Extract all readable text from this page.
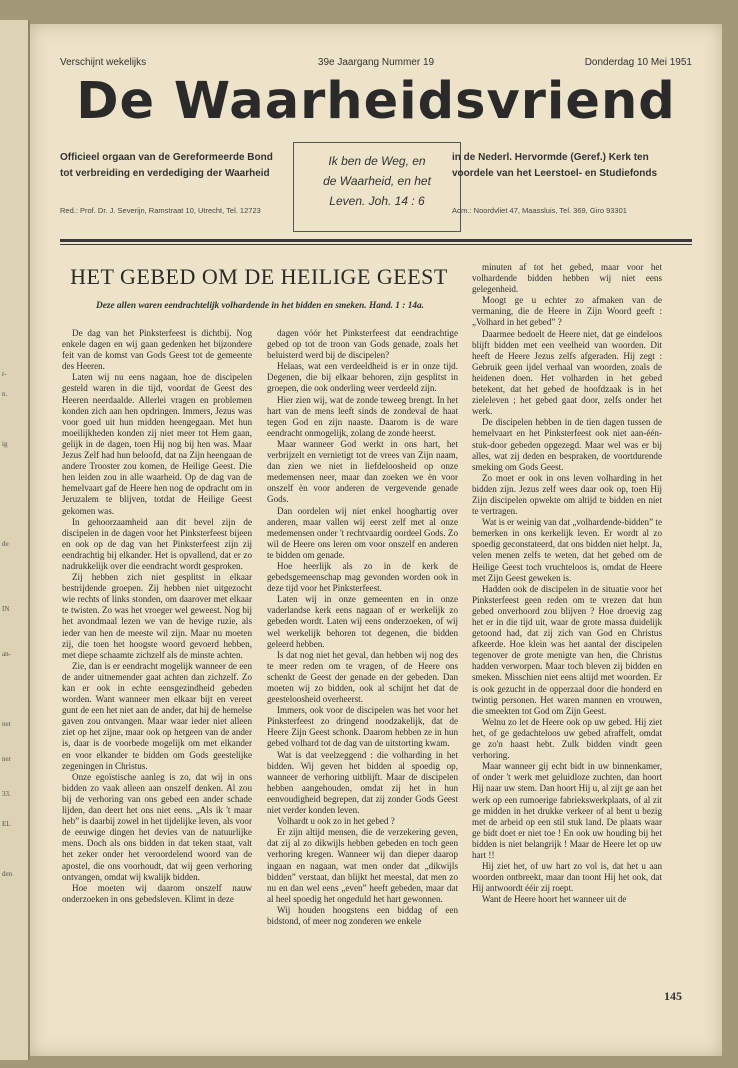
r-
n.
ig
de
IN
an-
net
ner
33.
EL
den
Verschijnt wekelijks	39e Jaargang Nummer 19	Donderdag 10 Mei 1951
De Waarheidsvriend
Officieel orgaan van de Gereformeerde Bond
tot verbreiding en verdediging der Waarheid
Ik ben de Weg, en
de Waarheid, en het
Leven. Joh. 14 : 6
in de Nederl. Hervormde (Geref.) Kerk ten
voordele van het Leerstoel- en Studiefonds
Red.: Prof. Dr. J. Severijn, Ramstraat 10, Utrecht, Tel. 12723	Adm.: Noordvliet 47, Maassluis, Tel. 369, Giro 93301
HET GEBED OM DE HEILIGE GEEST
Deze allen waren eendrachtelijk volhardende in het bidden en smeken. Hand. 1 : 14a.

De dag van het Pinksterfeest is dichtbij. Nog enkele dagen en wij gaan gedenken het bijzondere feit van de komst van Gods Geest tot de gemeente des Heeren.

Laten wij nu eens nagaan, hoe de discipelen gesteld waren in die tijd, voordat de Geest des Heeren neerdaalde. Allerlei vragen en problemen konden zich aan hen opdringen. Immers, Jezus was voor goed uit hun midden heengegaan. Met hun moeilijkheden konden zij niet meer tot Hem gaan, gelijk in de dagen, toen Hij nog bij hen was. Maar Jezus Zelf had hun beloofd, dat na Zijn heengaan de andere Trooster zou komen, de Heilige Geest. Die hen leiden zou in alle waarheid. Op de dag van de hemelvaart gaf de Heere hen nog de opdracht om in Jeruzalem te blijven, totdat de Heilige Geest gekomen was.

In gehoorzaamheid aan dit bevel zijn de discipelen in de dagen voor het Pinksterfeest bijeen en ook op de dag van het Pinksterfeest zijn zij eendrachtig bij elkander. Het is opvallend, dat er zo nadrukkelijk over die eendracht wordt gesproken.

Zij hebben zich niet gesplitst in elkaar bestrijdende groepen. Zij hebben niet uitgezocht wie rechts of links stonden, om daarover met elkaar te twisten. Zo was het vroeger wel geweest. Nog bij het avondmaal lezen we van de hevige ruzie, als ieder van hen de meeste wil zijn. Maar nu moeten zij, die toen het hoogste woord gevoerd hebben, met diepe schaamte zichzelf als de minste achten.

Zie, dan is er eendracht mogelijk wanneer de een de ander uitnemender gaat achten dan zichzelf. Zo kan er ook in echte eensgezindheid gebeden worden. Want wanneer men elkaar bijt en vereet gunt de een het niet aan de ander, dat hij de hemelse gaven zou ontvangen. Maar waar ieder niet alleen ziet op het zijne, maar ook op hetgeen van de ander is, daar is de voorbede mogelijk om met elkander en voor elkander te bidden om Gods geestelijke zegeningen in Christus.

Onze egoïstische aanleg is zo, dat wij in ons bidden zo vaak alleen aan onszelf denken. Al zou bij de verhoring van ons gebed een ander schade lijden, dan deert het ons niet eens. „Als ik 't maar heb” is daarbij zowel in het tijdelijke leven, als voor de eeuwige dingen het devies van de natuurlijke mens. Doch als ons bidden in dat teken staat, valt het zeker onder het veroordelend woord van de apostel, die ons voorhoudt, dat wij geen verhoring ontvangen, omdat wij kwalijk bidden.

Hoe moeten wij daarom onszelf nauw onderzoeken in ons gebedsleven. Klimt in deze

dagen vóór het Pinksterfeest dat eendrachtige gebed op tot de troon van Gods genade, zoals het beluisterd werd bij de discipelen?

Helaas, wat een verdeeldheid is er in onze tijd. Degenen, die bij elkaar behoren, zijn gesplitst in groepen, die ook onderling weer verdeeld zijn.

Hier zien wij, wat de zonde teweeg brengt. In het hart van de mens leeft sinds de zondeval de haat tegen God en zijn naaste. Daarom is de ware eendracht onmogelijk, zolang de zonde heerst.

Maar wanneer God werkt in ons hart, het verbrijzelt en vernietigt tot de vrees van Zijn naam, dan zien we niet in liefdeloosheid op onze medemensen neer, maar dan zoeken we èn voor onszelf èn voor anderen de vergevende genade Gods.

Dan oordelen wij niet enkel hooghartig over anderen, maar vallen wij eerst zelf met al onze medemensen onder 't rechtvaardig oordeel Gods. Zo wil de Heere ons leren om voor onszelf en anderen te bidden om genade.

Hoe heerlijk als zo in de kerk de gebedsgemeenschap mag gevonden worden ook in deze tijd voor het Pinksterfeest.

Laten wij in onze gemeenten en in onze vaderlandse kerk eens nagaan of er werkelijk zo gebeden wordt. Laten wij eens onderzoeken, of wij wel werkelijk behoren tot degenen, die bidden geleerd hebben.

Is dat nog niet het geval, dan hebben wij nog des te meer reden om te vragen, of de Heere ons schenkt de Geest der genade en der gebeden. Dan moeten wij zo bidden, ook al schijnt het dat de geesteloosheid overheerst.

Immers, ook voor de discipelen was het voor het Pinksterfeest zo dringend noodzakelijk, dat de Heere Zijn Geest schonk. Daarom hebben ze in hun gebed volhard tot de dag van de uitstorting kwam.

Wat is dat veelzeggend : die volharding in het bidden. Wij geven het bidden al spoedig op, wanneer de verhoring uitblijft. Maar de discipelen hebben aangehouden, omdat zij het in hun eenvoudigheid begrepen, dat zij zonder Gods Geest niet verder konden leven.

Volhardt u ook zo in het gebed ?

Er zijn altijd mensen, die de verzekering geven, dat zij al zo dikwijls hebben gebeden en toch geen verhoring kregen. Wanneer wij dan dieper daarop ingaan en nagaan, wat men onder dat „dikwijls bidden” verstaat, dan blijkt het meestal, dat men zo nu en dan wel eens „even” heeft gebeden, maar dat al heel spoedig het ongeduld het hart gewonnen.

Wij houden hoogstens een biddag of een bidstond, of meer nog zonderen we enkele

minuten af tot het gebed, maar voor het volhardende bidden hebben wij niet eens gelegenheid.

Moogt ge u echter zo afmaken van de vermaning, die de Heere in Zijn Woord geeft : „Volhard in het gebed” ?

Daarmee bedoelt de Heere niet, dat ge eindeloos blijft bidden met een veelheid van woorden. Dit heeft de Heere Jezus zelfs afgeraden. Hij zegt : Gebruik geen ijdel verhaal van woorden, zoals de heidenen doen. Het volharden in het gebed betekent, dat het gebed de hoofdzaak is in het zieleleven ; het gebed gaat door, zelfs onder het werk.

De discipelen hebben in de tien dagen tussen de hemelvaart en het Pinksterfeest ook niet aan-één-stuk-door gebeden opgezegd. Maar wel was er bij alles, wat zij deden en bespraken, de voortdurende smeking om Gods Geest.

Zo moet er ook in ons leven volharding in het bidden zijn. Jezus zelf wees daar ook op, toen Hij Zijn discipelen opwekte om altijd te bidden en niet te vertragen.

Wat is er weinig van dat „volhardende-bidden” te bemerken in ons kerkelijk leven. Er wordt al zo spoedig geconstateerd, dat ons bidden niet helpt. Ja, velen menen zelfs te weten, dat het gebed om de Heilige Geest toch vruchteloos is, omdat de Heere met Zijn Geest geweken is.

Hadden ook de discipelen in de situatie voor het Pinksterfeest geen reden om te vrezen dat hun gebed onverhoord zou blijven ? Hoe droevig zag het er in die tijd uit, waar de grote massa duidelijk getoond had, dat zij zich van God en Christus afkeerde. Hoe klein was het aantal der discipelen tegenover de grote menigte van hen, die Christus hadden verworpen. Maar toch bleven zij bidden en smeken. Misschien niet eens altijd met woorden. Er is ook gezucht in de opperzaal door die honderd en twintig personen. Het waren mannen en vrouwen, die smeekten tot God om Zijn Geest.

Welnu zo let de Heere ook op uw gebed. Hij ziet het, of ge gedachteloos uw gebed afraffelt, omdat ge zo'n haast hebt. Zulk bidden vindt geen verhoring.

Maar wanneer gij echt bidt in uw binnenkamer, of onder 't werk met geluidloze zuchten, dan hoort Hij naar uw stem. Dan hoort Hij u, al zijt ge aan het werk op een rumoerige fabriekswerkplaats, of al zit ge midden in het drukke verkeer of al bent u bezig met de arbeid op een stil stuk land. De plaats waar ge bidt doet er niet toe ! En ook uw houding bij het bidden is niet belangrijk ! Maar de Heere let op uw hart !!

Hij ziet het, of uw hart zo vol is, dat het u aan woorden ontbreekt, maar dan toont Hij het ook, dat Hij antwoordt ééir zij roept.

Want de Heere hoort het wanneer uit de

145
